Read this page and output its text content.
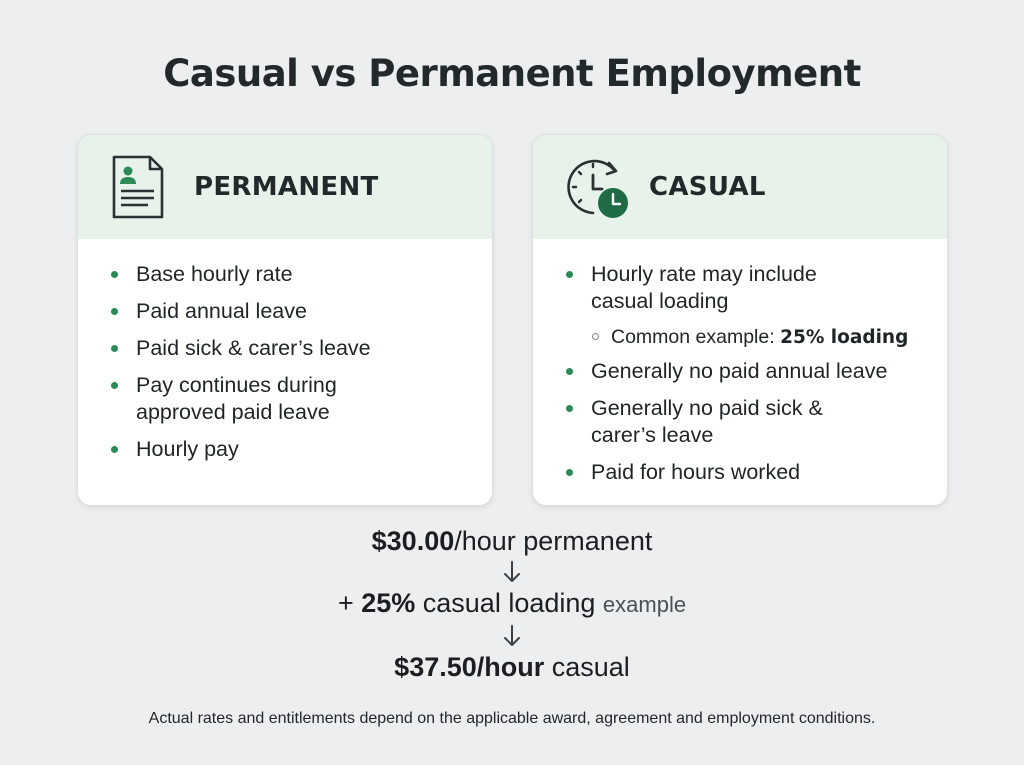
Casual vs Permanent Employment
PERMANENT
Base hourly rate
Paid annual leave
Paid sick & carer’s leave
Pay continues during approved paid leave
Hourly pay
CASUAL
Hourly rate may include casual loading
Common example: 25% loading
Generally no paid annual leave
Generally no paid sick & carer’s leave
Paid for hours worked
$30.00/hour permanent
+ 25% casual loading example
$37.50/hour casual
Actual rates and entitlements depend on the applicable award, agreement and employment conditions.
